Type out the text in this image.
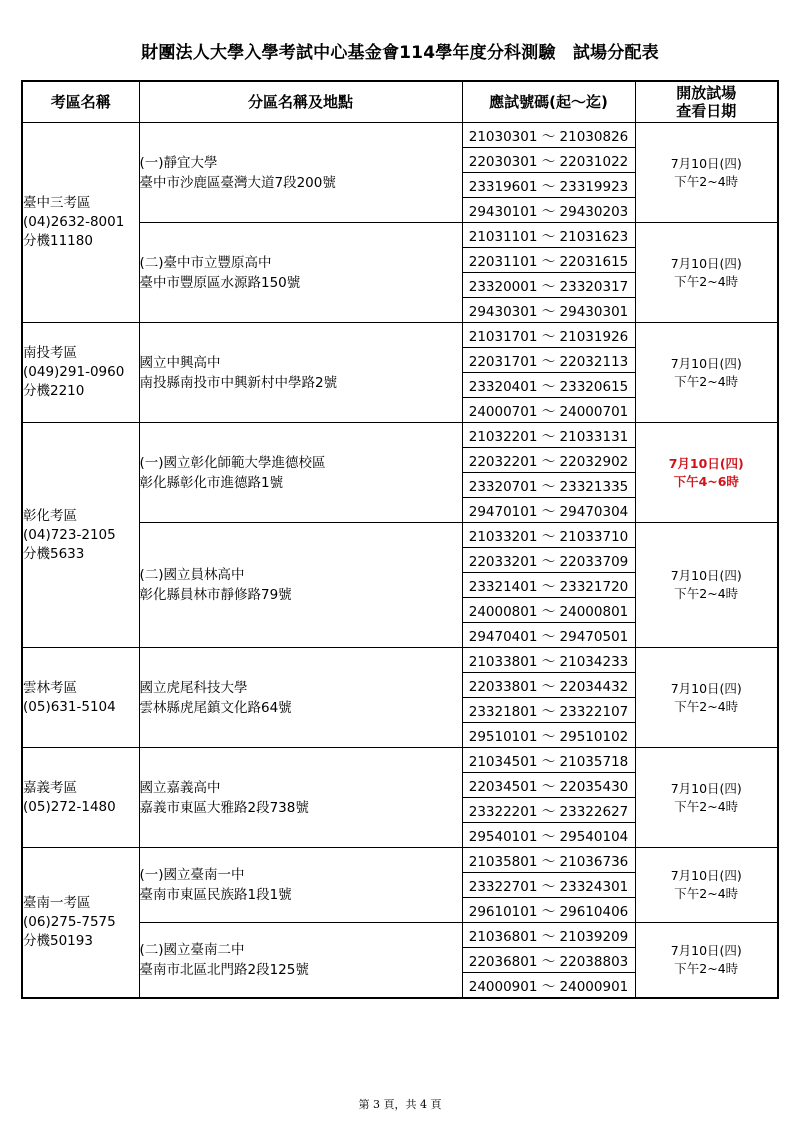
財團法人大學入學考試中心基金會114學年度分科測驗　試場分配表
考區名稱	分區名稱及地點	應試號碼(起～迄)	開放試場
查看日期

臺中三考區
(04)2632-8001
分機11180	(一)靜宜大學
臺中市沙鹿區臺灣大道7段200號	21030301 ～ 21030826	7月10日(四)
下午2~4時

		22030301 ～ 22031022	
		23319601 ～ 23319923	
		29430101 ～ 29430203	

	(二)臺中市立豐原高中
臺中市豐原區水源路150號	21031101 ～ 21031623	7月10日(四)
下午2~4時

		22031101 ～ 22031615	
		23320001 ～ 23320317	
		29430301 ～ 29430301	

南投考區
(049)291-0960
分機2210	國立中興高中
南投縣南投市中興新村中學路2號	21031701 ～ 21031926	7月10日(四)
下午2~4時

		22031701 ～ 22032113	
		23320401 ～ 23320615	
		24000701 ～ 24000701	

彰化考區
(04)723-2105
分機5633	(一)國立彰化師範大學進德校區
彰化縣彰化市進德路1號	21032201 ～ 21033131	7月10日(四)
下午4~6時

		22032201 ～ 22032902	
		23320701 ～ 23321335	
		29470101 ～ 29470304	

	(二)國立員林高中
彰化縣員林市靜修路79號	21033201 ～ 21033710	7月10日(四)
下午2~4時

		22033201 ～ 22033709	
		23321401 ～ 23321720	
		24000801 ～ 24000801	
		29470401 ～ 29470501	

雲林考區
(05)631-5104	國立虎尾科技大學
雲林縣虎尾鎮文化路64號	21033801 ～ 21034233	7月10日(四)
下午2~4時

		22033801 ～ 22034432	
		23321801 ～ 23322107	
		29510101 ～ 29510102	

嘉義考區
(05)272-1480	國立嘉義高中
嘉義市東區大雅路2段738號	21034501 ～ 21035718	7月10日(四)
下午2~4時

		22034501 ～ 22035430	
		23322201 ～ 23322627	
		29540101 ～ 29540104	

臺南一考區
(06)275-7575
分機50193	(一)國立臺南一中
臺南市東區民族路1段1號	21035801 ～ 21036736	7月10日(四)
下午2~4時

		23322701 ～ 23324301	
		29610101 ～ 29610406	

	(二)國立臺南二中
臺南市北區北門路2段125號	21036801 ～ 21039209	7月10日(四)
下午2~4時

		22036801 ～ 22038803	
		24000901 ～ 24000901	
第 3 頁，共 4 頁
